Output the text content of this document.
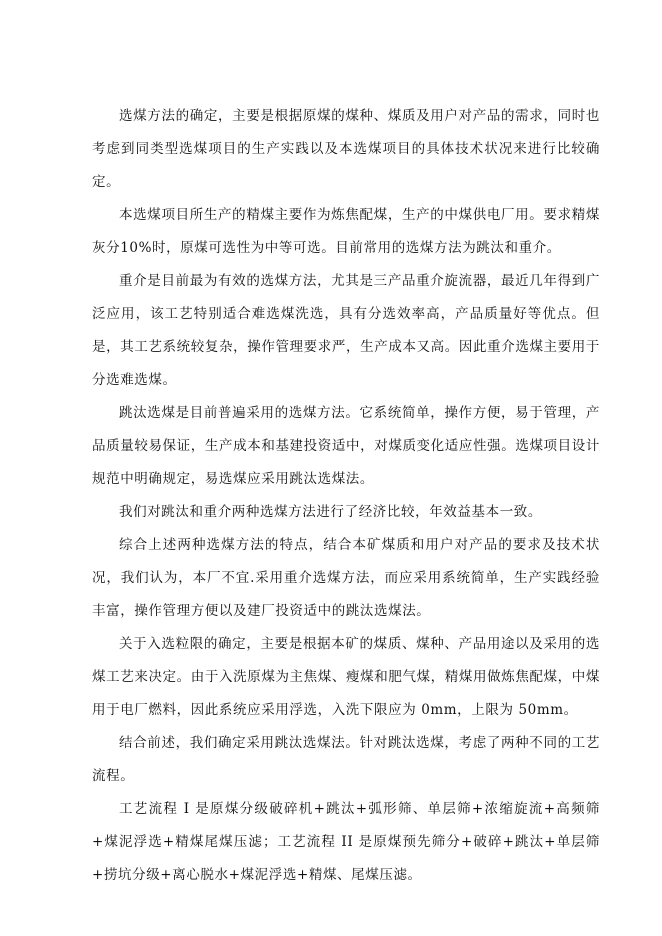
选煤方法的确定，主要是根据原煤的煤种、煤质及用户对产品的需求，同时也考虑到同类型选煤项目的生产实践以及本选煤项目的具体技术状况来进行比较确定。

本选煤项目所生产的精煤主要作为炼焦配煤，生产的中煤供电厂用。要求精煤灰分10%时，原煤可选性为中等可选。目前常用的选煤方法为跳汰和重介。

重介是目前最为有效的选煤方法，尤其是三产品重介旋流器，最近几年得到广泛应用，该工艺特别适合难选煤洗选，具有分选效率高，产品质量好等优点。但是，其工艺系统较复杂，操作管理要求严，生产成本又高。因此重介选煤主要用于分选难选煤。

跳汰选煤是目前普遍采用的选煤方法。它系统简单，操作方便，易于管理，产品质量较易保证，生产成本和基建投资适中，对煤质变化适应性强。选煤项目设计规范中明确规定，易选煤应采用跳汰选煤法。

我们对跳汰和重介两种选煤方法进行了经济比较，年效益基本一致。

综合上述两种选煤方法的特点，结合本矿煤质和用户对产品的要求及技术状况，我们认为，本厂不宜.采用重介选煤方法，而应采用系统简单，生产实践经验丰富，操作管理方便以及建厂投资适中的跳汰选煤法。

关于入选粒限的确定，主要是根据本矿的煤质、煤种、产品用途以及采用的选煤工艺来决定。由于入洗原煤为主焦煤、瘦煤和肥气煤，精煤用做炼焦配煤，中煤用于电厂燃料，因此系统应采用浮选，入洗下限应为 0mm，上限为 50mm。

结合前述，我们确定采用跳汰选煤法。针对跳汰选煤，考虑了两种不同的工艺流程。

工艺流程 I 是原煤分级破碎机+跳汰+弧形筛、单层筛+浓缩旋流+高频筛+煤泥浮选+精煤尾煤压滤；工艺流程 II 是原煤预先筛分+破碎+跳汰+单层筛+捞坑分级+离心脱水+煤泥浮选+精煤、尾煤压滤。
